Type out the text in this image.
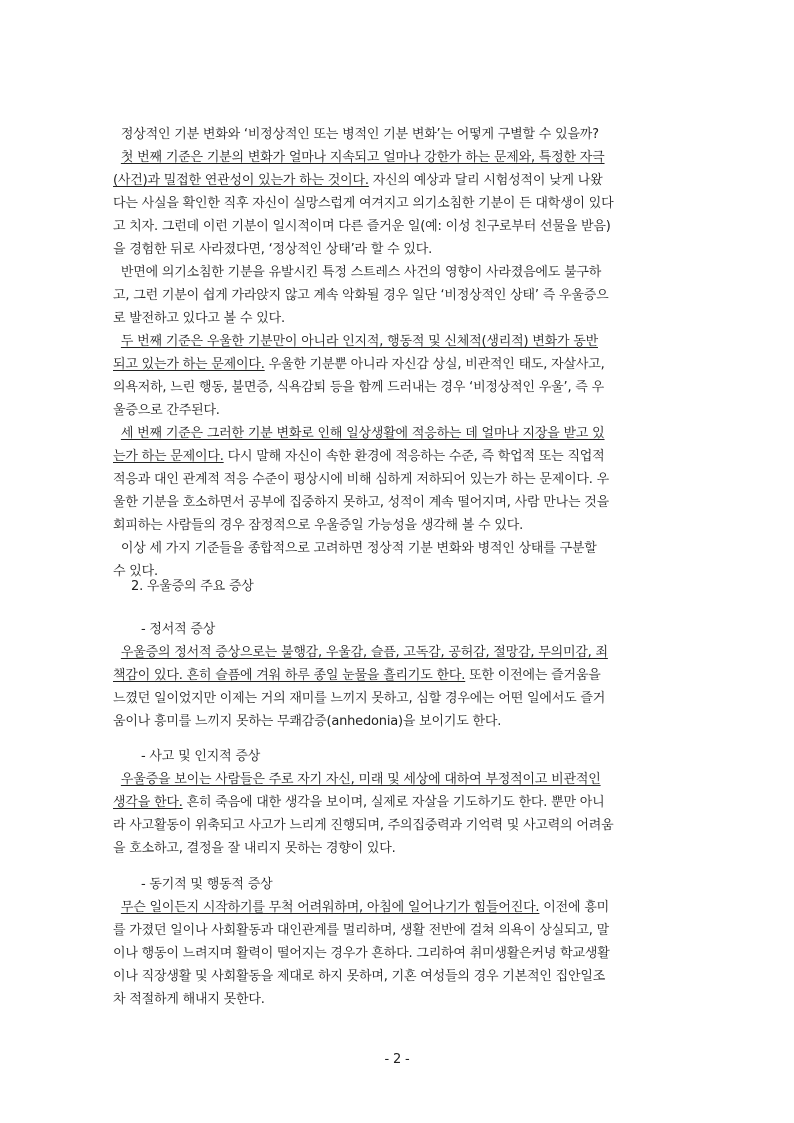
정상적인 기분 변화와 ‘비정상적인 또는 병적인 기분 변화’는 어떻게 구별할 수 있을까?
첫 번째 기준은 기분의 변화가 얼마나 지속되고 얼마나 강한가 하는 문제와, 특정한 자극
(사건)과 밀접한 연관성이 있는가 하는 것이다. 자신의 예상과 달리 시험성적이 낮게 나왔
다는 사실을 확인한 직후 자신이 실망스럽게 여겨지고 의기소침한 기분이 든 대학생이 있다
고 치자. 그런데 이런 기분이 일시적이며 다른 즐거운 일(예: 이성 친구로부터 선물을 받음)
을 경험한 뒤로 사라졌다면, ‘정상적인 상태’라 할 수 있다.
반면에 의기소침한 기분을 유발시킨 특정 스트레스 사건의 영향이 사라졌음에도 불구하
고, 그런 기분이 쉽게 가라앉지 않고 계속 악화될 경우 일단 ‘비정상적인 상태’ 즉 우울증으
로 발전하고 있다고 볼 수 있다.
두 번째 기준은 우울한 기분만이 아니라 인지적, 행동적 및 신체적(생리적) 변화가 동반
되고 있는가 하는 문제이다. 우울한 기분뿐 아니라 자신감 상실, 비관적인 태도, 자살사고,
의욕저하, 느린 행동, 불면증, 식욕감퇴 등을 함께 드러내는 경우 ‘비정상적인 우울’, 즉 우
울증으로 간주된다.
세 번째 기준은 그러한 기분 변화로 인해 일상생활에 적응하는 데 얼마나 지장을 받고 있
는가 하는 문제이다. 다시 말해 자신이 속한 환경에 적응하는 수준, 즉 학업적 또는 직업적
적응과 대인 관계적 적응 수준이 평상시에 비해 심하게 저하되어 있는가 하는 문제이다. 우
울한 기분을 호소하면서 공부에 집중하지 못하고, 성적이 계속 떨어지며, 사람 만나는 것을
회피하는 사람들의 경우 잠정적으로 우울증일 가능성을 생각해 볼 수 있다.
이상 세 가지 기준들을 종합적으로 고려하면 정상적 기분 변화와 병적인 상태를 구분할
수 있다.
2. 우울증의 주요 증상
- 정서적 증상
우울증의 정서적 증상으로는 불행감, 우울감, 슬픔, 고독감, 공허감, 절망감, 무의미감, 죄
책감이 있다. 흔히 슬픔에 겨워 하루 종일 눈물을 흘리기도 한다. 또한 이전에는 즐거움을
느꼈던 일이었지만 이제는 거의 재미를 느끼지 못하고, 심할 경우에는 어떤 일에서도 즐거
움이나 흥미를 느끼지 못하는 무쾌감증(anhedonia)을 보이기도 한다.
- 사고 및 인지적 증상
우울증을 보이는 사람들은 주로 자기 자신, 미래 및 세상에 대하여 부정적이고 비관적인
생각을 한다. 흔히 죽음에 대한 생각을 보이며, 실제로 자살을 기도하기도 한다. 뿐만 아니
라 사고활동이 위축되고 사고가 느리게 진행되며, 주의집중력과 기억력 및 사고력의 어려움
을 호소하고, 결정을 잘 내리지 못하는 경향이 있다.
- 동기적 및 행동적 증상
무슨 일이든지 시작하기를 무척 어려워하며, 아침에 일어나기가 힘들어진다. 이전에 흥미
를 가졌던 일이나 사회활동과 대인관계를 멀리하며, 생활 전반에 걸쳐 의욕이 상실되고, 말
이나 행동이 느려지며 활력이 떨어지는 경우가 흔하다. 그리하여 취미생활은커녕 학교생활
이나 직장생활 및 사회활동을 제대로 하지 못하며, 기혼 여성들의 경우 기본적인 집안일조
차 적절하게 해내지 못한다.
- 2 -
